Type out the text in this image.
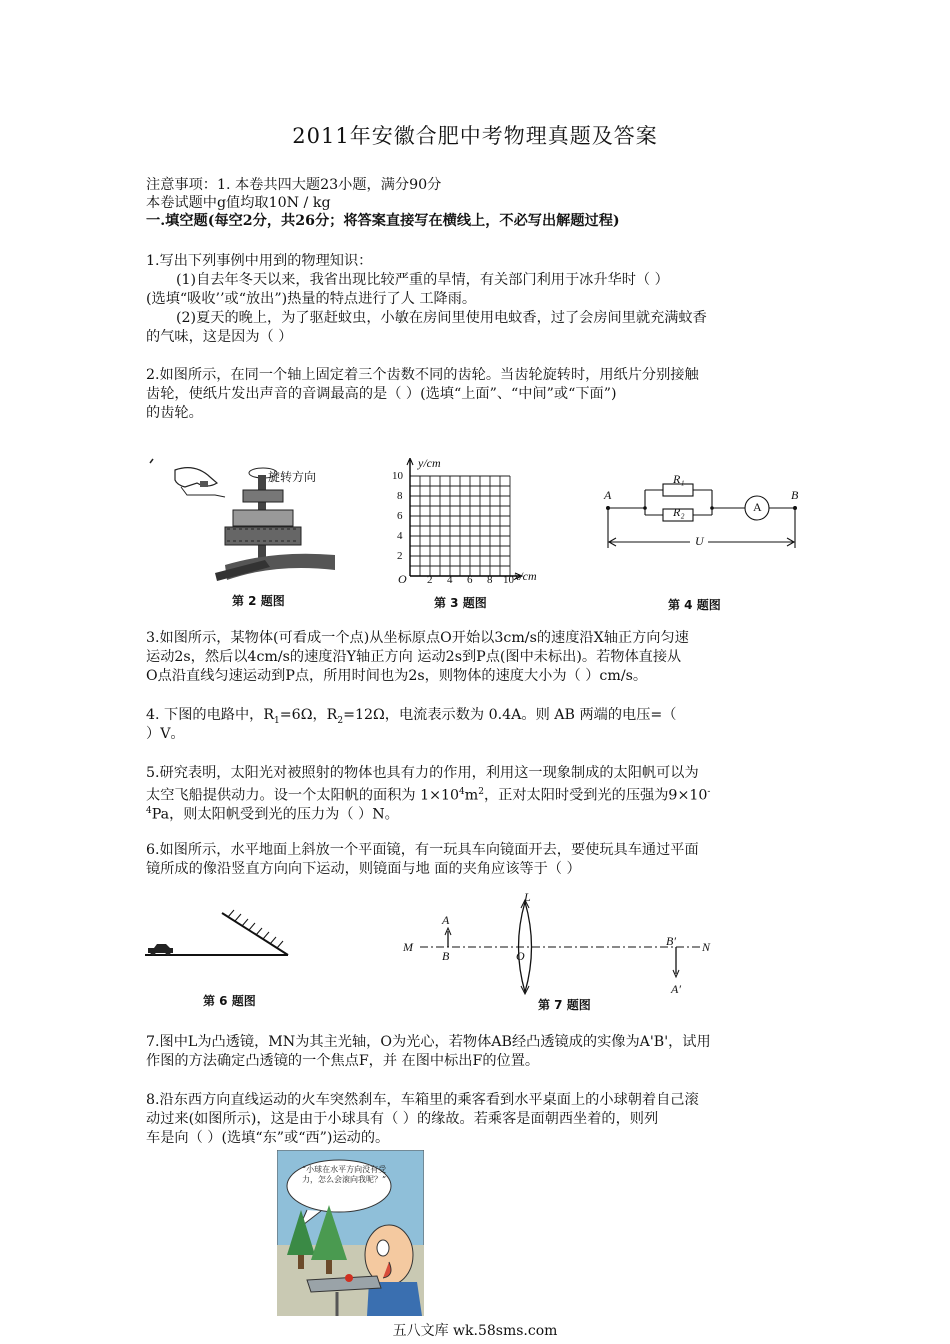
2011年安徽合肥中考物理真题及答案
注意事项：1. 本卷共四大题23小题，满分90分
本卷试题中g值均取10N / kg
一.填空题(每空2分，共26分；将答案直接写在横线上，不必写出解题过程)
1.写出下列事例中用到的物理知识：
(1)自去年冬天以来，我省出现比较严重的旱情，有关部门利用于冰升华时（ ）
(选填“吸收’’或“放出”)热量的特点进行了人 工降雨。
(2)夏天的晚上，为了驱赶蚊虫，小敏在房间里使用电蚊香，过了会房间里就充满蚊香
的气味，这是因为（ ）
2.如图所示，在同一个轴上固定着三个齿数不同的齿轮。当齿轮旋转时，用纸片分别接触
齿轮，使纸片发出声音的音调最高的是（ ）(选填“上面”、“中间”或“下面”)
的齿轮。
旋转方向
第 2 题图
y/cm
x/cm
O
10
8
6
4
2
2 4 6 8 10
第 3 题图
A	B
R₁
R₂	A
U
第 4 题图
3.如图所示，某物体(可看成一个点)从坐标原点O开始以3cm/s的速度沿X轴正方向匀速
运动2s，然后以4cm/s的速度沿Y轴正方向 运动2s到P点(图中未标出)。若物体直接从
O点沿直线匀速运动到P点，所用时间也为2s，则物体的速度大小为（ ）cm/s。
4. 下图的电路中，$R_1=6\Omega$，$R_2=12\Omega$，电流表示数为 0.4A。则 AB 两端的电压=（
）V。
5.研究表明，太阳光对被照射的物体也具有力的作用，利用这一现象制成的太阳帆可以为
太空飞船提供动力。设一个太阳帆的面积为 $1\times 10^4m^2$，正对太阳时受到光的压强为9×10-
$^4$Pa，则太阳帆受到光的压力为（ ）N。
6.如图所示，水平地面上斜放一个平面镜，有一玩具车向镜面开去，要使玩具车通过平面
镜所成的像沿竖直方向向下运动，则镜面与地 面的夹角应该等于（ ）
第 6 题图
M	N
O
L
A
B
A′
B′
第 7 题图
7.图中L为凸透镜，MN为其主光轴，O为光心，若物体AB经凸透镜成的实像为A'B'，试用
作图的方法确定凸透镜的一个焦点F，并 在图中标出F的位置。
8.沿东西方向直线运动的火车突然刹车，车箱里的乘客看到水平桌面上的小球朝着自己滚
动过来(如图所示)，这是由于小球具有（ ）的缘故。若乘客是面朝西坐着的，则列
车是向（ ）(选填“东”或“西”)运动的。
“小球在水平方向没有受力，怎么会滚向我呢？”
五八文库 wk.58sms.com
